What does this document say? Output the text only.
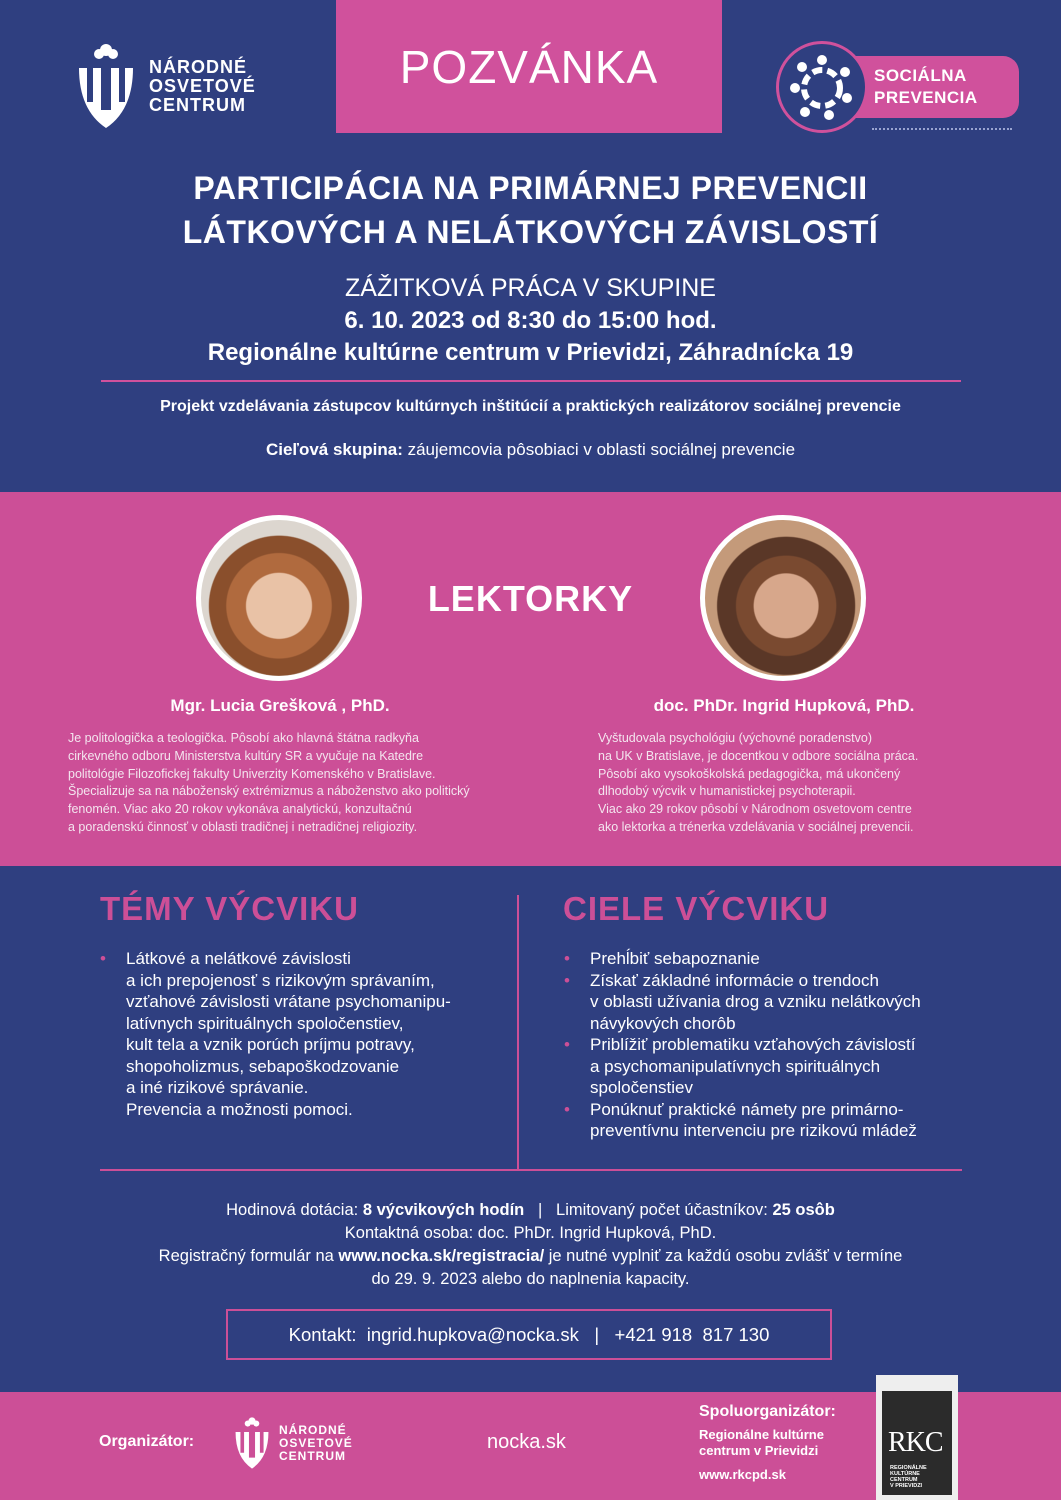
NÁRODNÉ
OSVETOVÉ
CENTRUM
POZVÁNKA	SOCIÁLNA
PREVENCIA
PARTICIPÁCIA NA PRIMÁRNEJ PREVENCII
LÁTKOVÝCH A NELÁTKOVÝCH ZÁVISLOSTÍ
ZÁŽITKOVÁ PRÁCA V SKUPINE
6. 10. 2023 od 8:30 do 15:00 hod.
Regionálne kultúrne centrum v Prievidzi, Záhradnícka 19
Projekt vzdelávania zástupcov kultúrnych inštitúcií a praktických realizátorov sociálnej prevencie
Cieľová skupina: záujemcovia pôsobiaci v oblasti sociálnej prevencie
LEKTORKY
Mgr. Lucia Grešková , PhD.	doc. PhDr. Ingrid Hupková, PhD.
Je politologička a teologička. Pôsobí ako hlavná štátna radkyňa
cirkevného odboru Ministerstva kultúry SR a vyučuje na Katedre
politológie Filozofickej fakulty Univerzity Komenského v Bratislave.
Špecializuje sa na náboženský extrémizmus a náboženstvo ako politický
fenomén. Viac ako 20 rokov vykonáva analytickú, konzultačnú
a poradenskú činnosť v oblasti tradičnej i netradičnej religiozity.
Vyštudovala psychológiu (výchovné poradenstvo)
na UK v Bratislave, je docentkou v odbore sociálna práca.
Pôsobí ako vysokoškolská pedagogička, má ukončený
dlhodobý výcvik v humanistickej psychoterapii.
Viac ako 29 rokov pôsobí v Národnom osvetovom centre
ako lektorka a trénerka vzdelávania v sociálnej prevencii.
TÉMY VÝCVIKU	CIELE VÝCVIKU
• Látkové a nelátkové závislosti
a ich prepojenosť s rizikovým správaním,
vzťahové závislosti vrátane psychomanipu-
latívnych spirituálnych spoločenstiev,
kult tela a vznik porúch príjmu potravy,
shopoholizmus, sebapoškodzovanie
a iné rizikové správanie.
Prevencia a možnosti pomoci.
• Prehĺbiť sebapoznanie
• Získať základné informácie o trendoch
v oblasti užívania drog a vzniku nelátkových
návykových chorôb
• Priblížiť problematiku vzťahových závislostí
a psychomanipulatívnych spirituálnych
spoločenstiev
• Ponúknuť praktické námety pre primárno-
preventívnu intervenciu pre rizikovú mládež
Hodinová dotácia: 8 výcvikových hodín   |   Limitovaný počet účastníkov: 25 osôb
Kontaktná osoba: doc. PhDr. Ingrid Hupková, PhD.
Registračný formulár na www.nocka.sk/registracia/ je nutné vyplniť za každú osobu zvlášť v termíne
do 29. 9. 2023 alebo do naplnenia kapacity.
Kontakt:  ingrid.hupkova@nocka.sk   |   +421 918  817 130
Organizátor:
NÁRODNÉ
OSVETOVÉ
CENTRUM
nocka.sk
Spoluorganizátor:
Regionálne kultúrne
centrum v Prievidzi
www.rkcpd.sk
RKC
REGIONÁLNE
KULTÚRNE
CENTRUM
V PRIEVIDZI
